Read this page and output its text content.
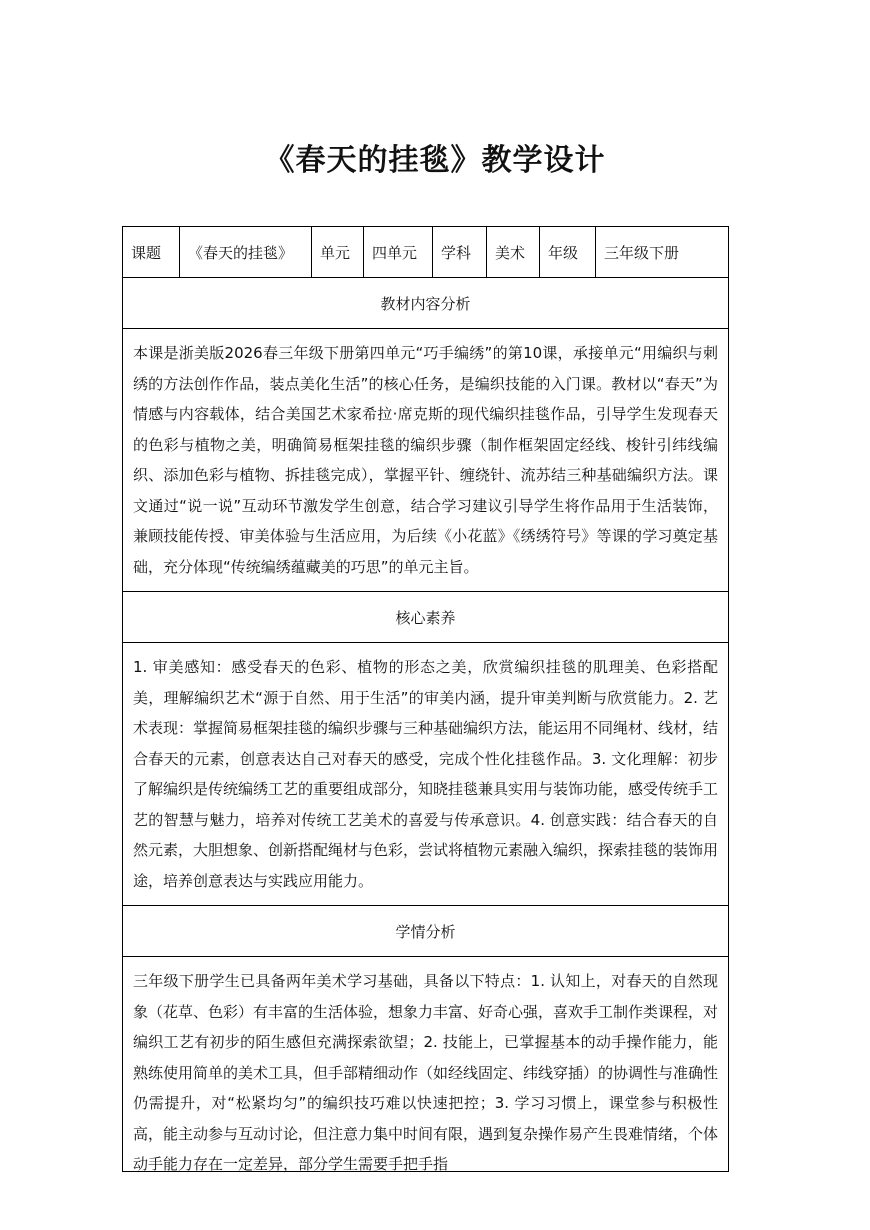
《春天的挂毯》教学设计
课题	《春天的挂毯》	单元	四单元	学科	美术	年级	三年级下册
教材内容分析
本课是浙美版2026春三年级下册第四单元“巧手编绣”的第10课，承接单元“用编织与刺绣的方法创作作品，装点美化生活”的核心任务，是编织技能的入门课。教材以“春天”为情感与内容载体，结合美国艺术家希拉·席克斯的现代编织挂毯作品，引导学生发现春天的色彩与植物之美，明确简易框架挂毯的编织步骤（制作框架固定经线、梭针引纬线编织、添加色彩与植物、拆挂毯完成），掌握平针、缠绕针、流苏结三种基础编织方法。课文通过“说一说”互动环节激发学生创意，结合学习建议引导学生将作品用于生活装饰，兼顾技能传授、审美体验与生活应用，为后续《小花蓝》《绣绣符号》等课的学习奠定基础，充分体现“传统编绣蕴藏美的巧思”的单元主旨。
核心素养
1. 审美感知：感受春天的色彩、植物的形态之美，欣赏编织挂毯的肌理美、色彩搭配美，理解编织艺术“源于自然、用于生活”的审美内涵，提升审美判断与欣赏能力。2. 艺术表现：掌握简易框架挂毯的编织步骤与三种基础编织方法，能运用不同绳材、线材，结合春天的元素，创意表达自己对春天的感受，完成个性化挂毯作品。3. 文化理解：初步了解编织是传统编绣工艺的重要组成部分，知晓挂毯兼具实用与装饰功能，感受传统手工艺的智慧与魅力，培养对传统工艺美术的喜爱与传承意识。4. 创意实践：结合春天的自然元素，大胆想象、创新搭配绳材与色彩，尝试将植物元素融入编织，探索挂毯的装饰用途，培养创意表达与实践应用能力。
学情分析

三年级下册学生已具备两年美术学习基础，具备以下特点：1. 认知上，对春天的自然现象（花草、色彩）有丰富的生活体验，想象力丰富、好奇心强，喜欢手工制作类课程，对编织工艺有初步的陌生感但充满探索欲望；2. 技能上，已掌握基本的动手操作能力，能熟练使用简单的美术工具，但手部精细动作（如经线固定、纬线穿插）的协调性与准确性仍需提升，对“松紧均匀”的编织技巧难以快速把控；3. 学习习惯上，课堂参与积极性高，能主动参与互动讨论，但注意力集中时间有限，遇到复杂操作易产生畏难情绪，个体动手能力存在一定差异，部分学生需要手把手指
